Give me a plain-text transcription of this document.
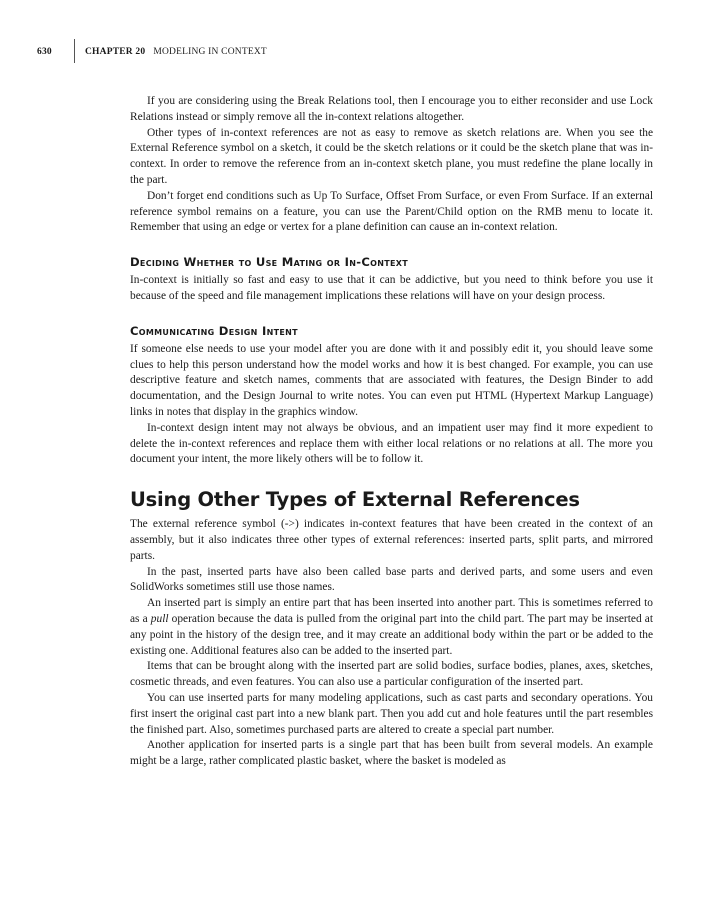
630	CHAPTER 20 MODELING IN CONTEXT

If you are considering using the Break Relations tool, then I encourage you to either reconsider and use Lock Relations instead or simply remove all the in-context relations altogether.

Other types of in-context references are not as easy to remove as sketch relations are. When you see the External Reference symbol on a sketch, it could be the sketch relations or it could be the sketch plane that was in-context. In order to remove the reference from an in-context sketch plane, you must redefine the plane locally in the part.

Don’t forget end conditions such as Up To Surface, Offset From Surface, or even From Surface. If an external reference symbol remains on a feature, you can use the Parent/Child option on the RMB menu to locate it. Remember that using an edge or vertex for a plane definition can cause an in-context relation.

Deciding Whether to Use Mating or In-Context

In-context is initially so fast and easy to use that it can be addictive, but you need to think before you use it because of the speed and file management implications these relations will have on your design process.

Communicating Design Intent

If someone else needs to use your model after you are done with it and possibly edit it, you should leave some clues to help this person understand how the model works and how it is best changed. For example, you can use descriptive feature and sketch names, comments that are associated with features, the Design Binder to add documentation, and the Design Journal to write notes. You can even put HTML (Hypertext Markup Language) links in notes that display in the graphics window.

In-context design intent may not always be obvious, and an impatient user may find it more expedient to delete the in-context references and replace them with either local relations or no relations at all. The more you document your intent, the more likely others will be to follow it.

Using Other Types of External References

The external reference symbol (->) indicates in-context features that have been created in the context of an assembly, but it also indicates three other types of external references: inserted parts, split parts, and mirrored parts.

In the past, inserted parts have also been called base parts and derived parts, and some users and even SolidWorks sometimes still use those names.

An inserted part is simply an entire part that has been inserted into another part. This is sometimes referred to as a pull operation because the data is pulled from the original part into the child part. The part may be inserted at any point in the history of the design tree, and it may create an additional body within the part or be added to the existing one. Additional features also can be added to the inserted part.

Items that can be brought along with the inserted part are solid bodies, surface bodies, planes, axes, sketches, cosmetic threads, and even features. You can also use a particular configuration of the inserted part.

You can use inserted parts for many modeling applications, such as cast parts and secondary operations. You first insert the original cast part into a new blank part. Then you add cut and hole features until the part resembles the finished part. Also, sometimes purchased parts are altered to create a special part number.

Another application for inserted parts is a single part that has been built from several models. An example might be a large, rather complicated plastic basket, where the basket is modeled as
